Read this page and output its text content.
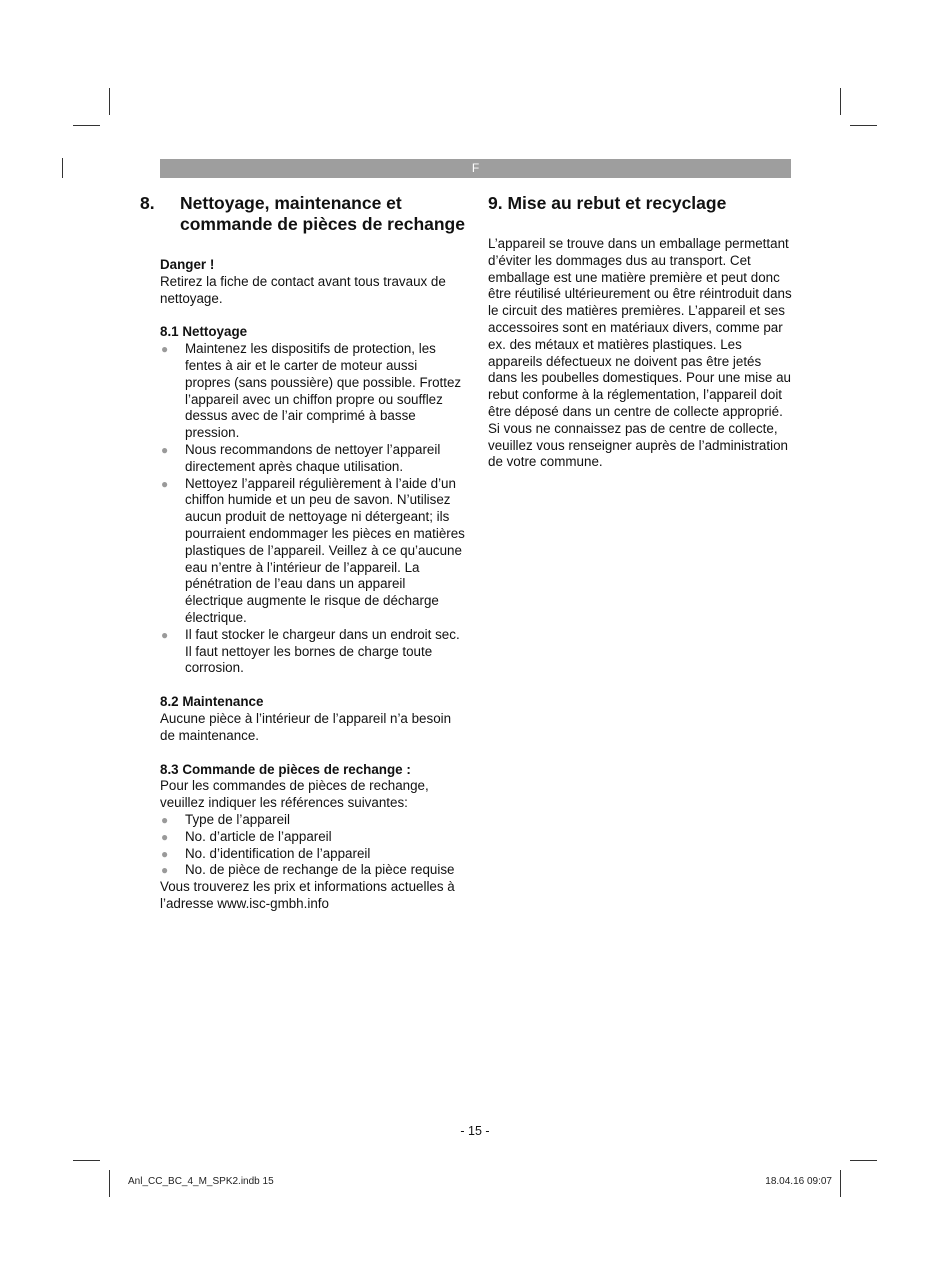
F
8. Nettoyage, maintenance et commande de pièces de rechange
Danger !

Retirez la fiche de contact avant tous travaux de nettoyage.

8.1 Nettoyage
● Maintenez les dispositifs de protection, les fentes à air et le carter de moteur aussi propres (sans poussière) que possible. Frottez l’appareil avec un chiffon propre ou soufflez dessus avec de l’air comprimé à basse pression.
● Nous recommandons de nettoyer l’appareil directement après chaque utilisation.
● Nettoyez l’appareil régulièrement à l’aide d’un chiffon humide et un peu de savon. N’utilisez aucun produit de nettoyage ni détergeant; ils pourraient endommager les pièces en matières plastiques de l’appareil. Veillez à ce qu’aucune eau n’entre à l’intérieur de l’appareil. La pénétration de l’eau dans un appareil électrique augmente le risque de décharge électrique.
● Il faut stocker le chargeur dans un endroit sec. Il faut nettoyer les bornes de charge toute corrosion.
8.2 Maintenance

Aucune pièce à l’intérieur de l’appareil n’a besoin de maintenance.

8.3 Commande de pièces de rechange :

Pour les commandes de pièces de rechange, veuillez indiquer les références suivantes:

● Type de l’appareil
● No. d’article de l’appareil
● No. d’identification de l’appareil
● No. de pièce de rechange de la pièce requise

Vous trouverez les prix et informations actuelles à l’adresse www.isc-gmbh.info

9. Mise au rebut et recyclage

L’appareil se trouve dans un emballage permettant d’éviter les dommages dus au transport. Cet emballage est une matière première et peut donc être réutilisé ultérieurement ou être réintroduit dans le circuit des matières premières. L’appareil et ses accessoires sont en matériaux divers, comme par ex. des métaux et matières plastiques. Les appareils défectueux ne doivent pas être jetés dans les poubelles domestiques. Pour une mise au rebut conforme à la réglementation, l’appareil doit être déposé dans un centre de collecte approprié. Si vous ne connaissez pas de centre de collecte, veuillez vous renseigner auprès de l’administration de votre commune.

- 15 -
Anl_CC_BC_4_M_SPK2.indb 15	18.04.16 09:07
